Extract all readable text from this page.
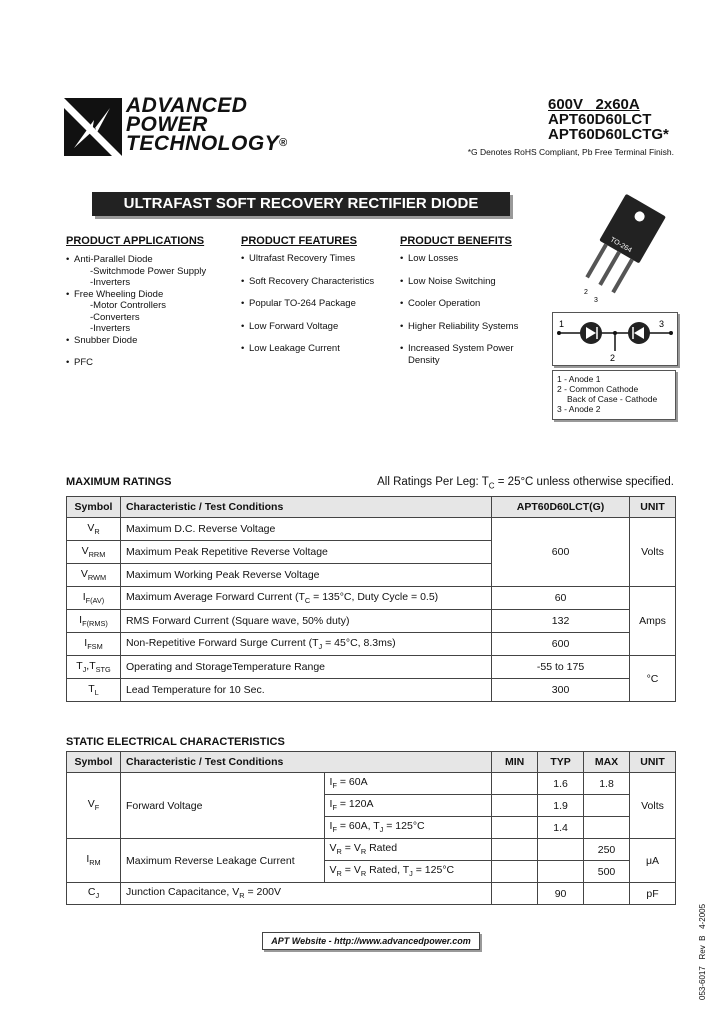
ADVANCED
POWER
TECHNOLOGY®
600V   2x60A
APT60D60LCT
APT60D60LCTG*
*G Denotes RoHS Compliant, Pb Free Terminal Finish.
ULTRAFAST SOFT RECOVERY RECTIFIER DIODE
PRODUCT APPLICATIONS
• Anti-Parallel Diode
-Switchmode Power Supply
-Inverters
• Free Wheeling Diode
-Motor Controllers
-Converters
-Inverters
• Snubber Diode
• PFC
PRODUCT FEATURES
• Ultrafast Recovery Times
• Soft Recovery Characteristics
• Popular TO-264 Package
• Low Forward Voltage
• Low Leakage Current
PRODUCT BENEFITS
• Low Losses
• Low Noise Switching
• Cooler Operation
• Higher Reliability Systems
• Increased System Power Density
TO-264
2
3
1	3
2
1 - Anode 1
2 - Common Cathode
Back of Case - Cathode
3 - Anode 2
MAXIMUM RATINGS	All Ratings Per Leg: $T_C = 25^\circ C$ unless otherwise specified.
Symbol	Characteristic / Test Conditions	APT60D60LCT(G)	UNIT
$V_R$	Maximum D.C. Reverse Voltage	600	Volts
$V_{RRM}$	Maximum Peak Repetitive Reverse Voltage		
$V_{RWM}$	Maximum Working Peak Reverse Voltage		
$I_{F(AV)}$	Maximum Average Forward Current ($T_C = 135^\circ C$, Duty Cycle = 0.5)	60	Amps
$I_{F(RMS)}$	RMS Forward Current (Square wave, 50% duty)	132	
$I_{FSM}$	Non-Repetitive Forward Surge Current ($T_J = 45^\circ C$, 8.3ms)	600	
$T_J,T_{STG}$	Operating and StorageTemperature Range	-55 to 175	°C
$T_L$	Lead Temperature for 10 Sec.	300	
STATIC ELECTRICAL CHARACTERISTICS
Symbol	Characteristic / Test Conditions		MIN	TYP	MAX	UNIT
$V_F$	Forward Voltage	$I_F = 60A$		1.6	1.8	Volts
		$I_F = 120A$		1.9		
		$I_F = 60A$, $T_J = 125^\circ C$		1.4		
$I_{RM}$	Maximum Reverse Leakage Current	$V_R = V_R$ Rated			250	μA
		$V_R = V_R$ Rated, $T_J = 125^\circ C$			500	
$C_J$	Junction Capacitance, $V_R = 200V$			90		pF
APT Website - http://www.advancedpower.com	053-6017   Rev  B   4-2005
